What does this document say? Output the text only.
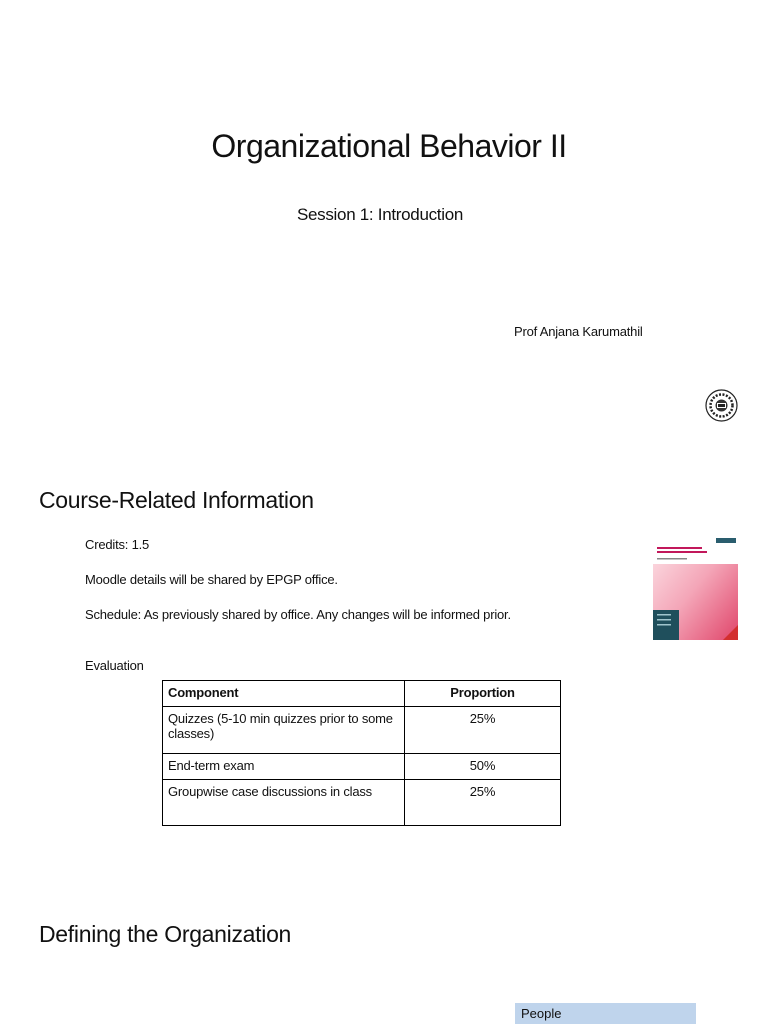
Organizational Behavior II
Session 1: Introduction
Prof Anjana Karumathil
Course-Related Information
Credits: 1.5
Moodle details will be shared by EPGP office.
Schedule: As previously shared by office. Any changes will be informed prior.
Evaluation
Component	Proportion
Quizzes (5-10 min quizzes prior to some classes)	25%
End-term exam	50%
Groupwise case discussions in class	25%
Defining the Organization
People
